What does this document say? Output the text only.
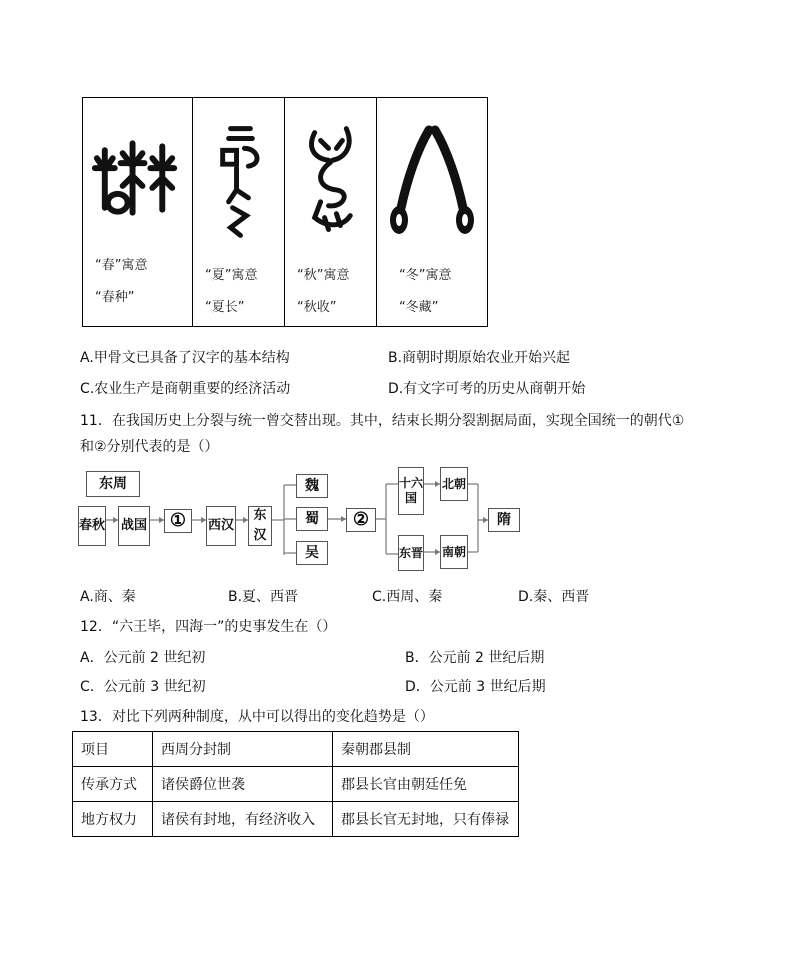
“春”寓意
“春种”
“夏”寓意
“夏长”
“秋”寓意
“秋收”
“冬”寓意
“冬藏”
A.甲骨文已具备了汉字的基本结构	B.商朝时期原始农业开始兴起
C.农业生产是商朝重要的经济活动	D.有文字可考的历史从商朝开始
11．在我国历史上分裂与统一曾交替出现。其中，结束长期分裂割据局面，实现全国统一的朝代①
和②分别代表的是（）
东周
春秋 战国	①	西汉
东汉
魏
蜀
吴
②
十六国
东晋
北朝
南朝
隋
A.商、秦	B.夏、西晋	C.西周、秦	D.秦、西晋
12．“六王毕，四海一”的史事发生在（）
A．公元前 2 世纪初	B．公元前 2 世纪后期
C．公元前 3 世纪初	D．公元前 3 世纪后期
13．对比下列两种制度，从中可以得出的变化趋势是（）
项目	西周分封制	秦朝郡县制
传承方式	诸侯爵位世袭	郡县长官由朝廷任免
地方权力	诸侯有封地，有经济收入	郡县长官无封地，只有俸禄
